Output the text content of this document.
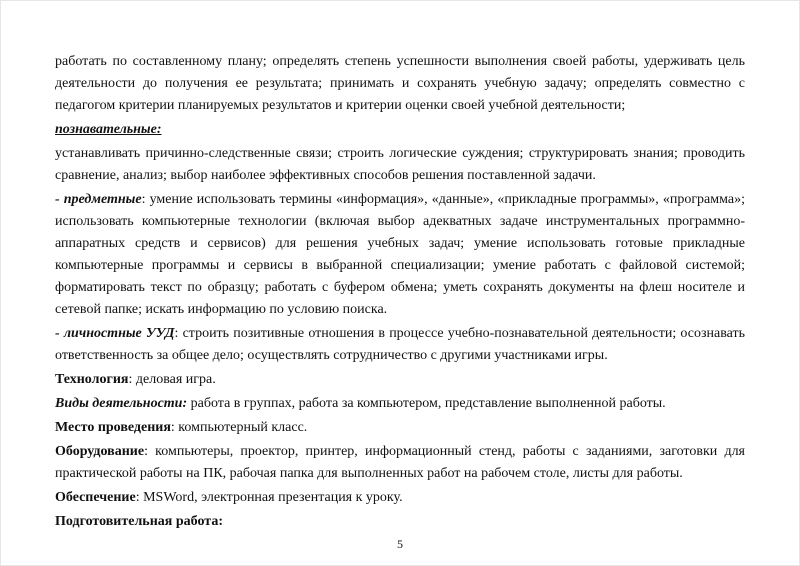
работать по составленному плану; определять степень успешности выполнения своей работы, удерживать цель деятельности до получения ее результата; принимать и сохранять учебную задачу; определять совместно с педагогом критерии планируемых результатов и критерии оценки своей учебной деятельности;

познавательные:

устанавливать причинно-следственные связи; строить логические суждения; структурировать знания; проводить сравнение, анализ; выбор наиболее эффективных способов решения поставленной задачи.

- предметные: умение использовать термины «информация», «данные», «прикладные программы», «программа»; использовать компьютерные технологии (включая выбор адекватных задаче инструментальных программно- аппаратных средств и сервисов) для решения учебных задач; умение использовать готовые прикладные компьютерные программы и сервисы в выбранной специализации; умение работать с файловой системой; форматировать текст по образцу; работать с буфером обмена; уметь сохранять документы на флеш носителе и сетевой папке; искать информацию по условию поиска.

- личностные УУД: строить позитивные отношения в процессе учебно-познавательной деятельности; осознавать ответственность за общее дело; осуществлять сотрудничество с другими участниками игры.

Технология: деловая игра.

Виды деятельности: работа в группах, работа за компьютером, представление выполненной работы.

Место проведения: компьютерный класс.

Оборудование: компьютеры, проектор, принтер, информационный стенд, работы с заданиями, заготовки для практической работы на ПК, рабочая папка для выполненных работ на рабочем столе, листы для работы.

Обеспечение: MSWord, электронная презентация к уроку.

Подготовительная работа:

5
